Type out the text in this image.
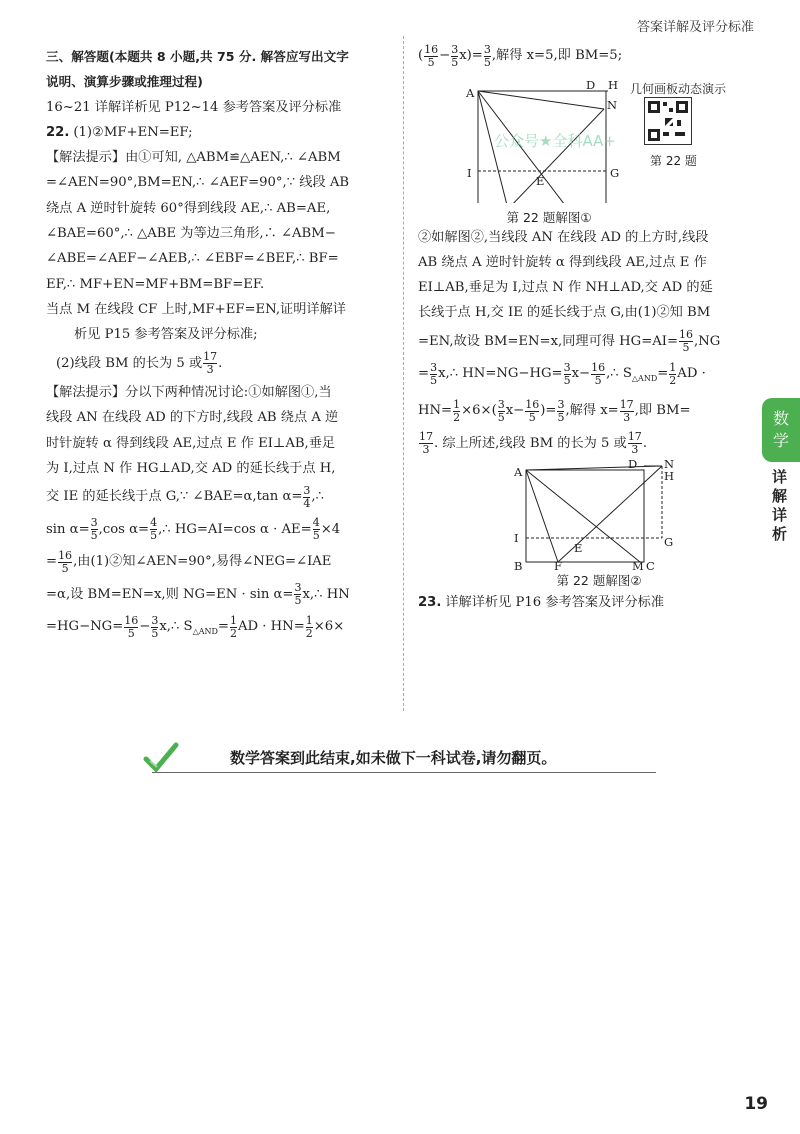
答案详解及评分标准
三、解答题(本题共 8 小题,共 75 分. 解答应写出文字
说明、演算步骤或推理过程)
16~21 详解详析见 P12~14 参考答案及评分标准
22. (1)②MF+EN=EF;
【解法提示】由①可知, △ABM≌△AEN,∴ ∠ABM
=∠AEN=90°,BM=EN,∴ ∠AEF=90°,∵ 线段 AB
绕点 A 逆时针旋转 60°得到线段 AE,∴ AB=AE,
∠BAE=60°,∴ △ABE 为等边三角形,∴ ∠ABM−
∠ABE=∠AEF−∠AEB,∴ ∠EBF=∠BEF,∴ BF=
EF,∴ MF+EN=MF+BM=BF=EF.
当点 M 在线段 CF 上时,MF+EF=EN,证明详解详
析见 P15 参考答案及评分标准;
(2)线段 BM 的长为 5 或 $\frac{17}{3}$ .
【解法提示】分以下两种情况讨论:①如解图①,当
线段 AN 在线段 AD 的下方时,线段 AB 绕点 A 逆
时针旋转 α 得到线段 AE,过点 E 作 EI⊥AB,垂足
为 I,过点 N 作 HG⊥AD,交 AD 的延长线于点 H,
交 IE 的延长线于点 G,∵ ∠BAE=α,tan $\alpha= \frac{3}{4}$ ,∴
$\sin \alpha= \frac{3}{5} ,\cos$ $\alpha= \frac{4}{5}$ ,∴ HG=AI=cos $\alpha \cdot AE= \frac{4}{5} \times 4$
= $\frac{16}{5}$ ,由(1)②知∠AEN=90°,易得∠NEG=∠IAE
=α,设 BM=EN=x,则 $NG=EN \cdot \sin \alpha= \frac{3}{5}$ x,∴ HN
$=HG-NG= \frac{16}{5} - \frac{3}{5}$ x,∴ $S_{\triangle AND}= \frac{1}{2}$ AD · $HN= \frac{1}{2} \times 6\times$
( $\frac{16}{5} - \frac{3}{5} x)= \frac{3}{5}$ ,解得 x=5,即 BM=5;
A
D H
N
I	G
E
公众号★全科AA+
几何画板动态演示
第 22 题
第 22 题解图①
②如解图②,当线段 AN 在线段 AD 的上方时,线段
AB 绕点 A 逆时针旋转 α 得到线段 AE,过点 E 作
EI⊥AB,垂足为 I,过点 N 作 NH⊥AD,交 AD 的延
长线于点 H,交 IE 的延长线于点 G,由(1)②知 BM
=EN,故设 BM=EN=x,同理可得 $HG=AI= \frac{16}{5} ,NG$
= $\frac{3}{5}$ x,∴ $HN=NG-HG= \frac{3}{5} x- \frac{16}{5}$ ,∴ $S_{\triangle AND}= \frac{1}{2}$ AD ·
$HN= \frac{1}{2} \times 6\times( \frac{3}{5} x- \frac{16}{5}$ )= $\frac{3}{5}$ ,解得 $x= \frac{17}{3}$ ,即 BM=
$\frac{17}{3}$ . 综上所述,线段 BM 的长为 5 或 $\frac{17}{3}$ .
A
D N
H
I	G
B	F
E
M C
第 22 题解图②
23. 详解详析见 P16 参考答案及评分标准
数学
详解详析
数学答案到此结束,如未做下一科试卷,请勿翻页。
19
